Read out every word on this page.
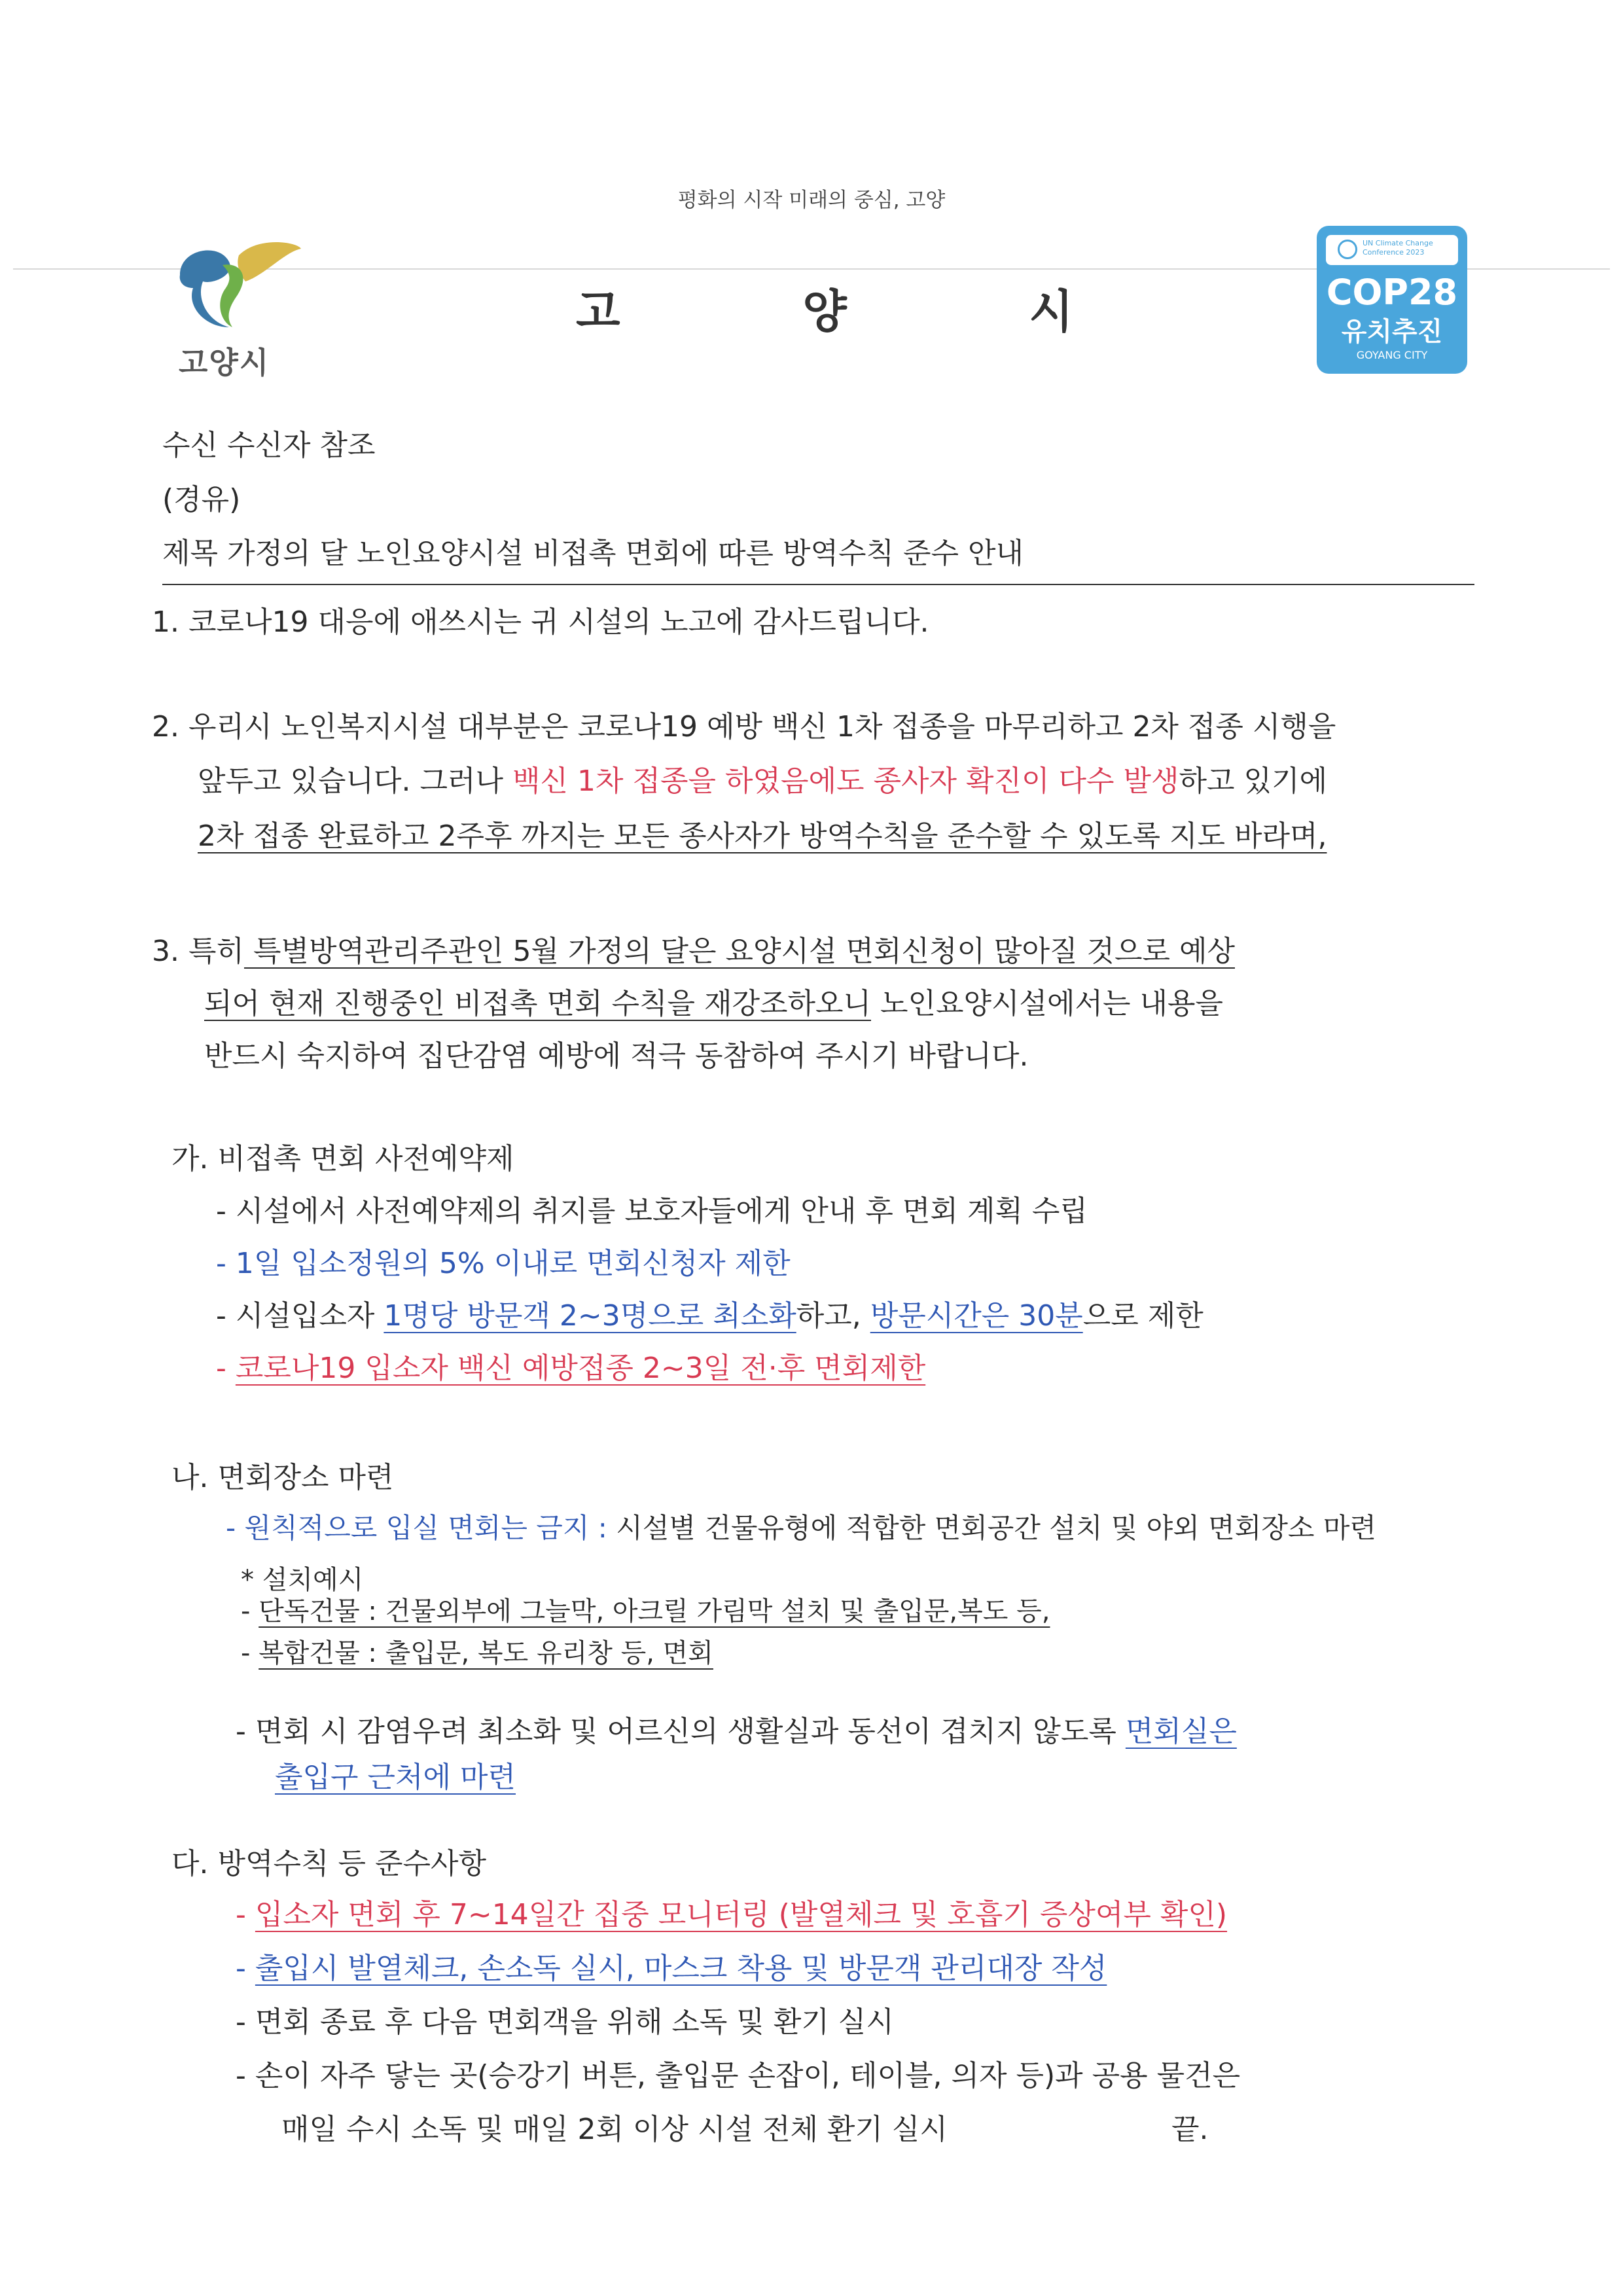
평화의 시작 미래의 중심, 고양
고양시
고	양	시
UN Climate Change
Conference 2023
COP28
유치추진
GOYANG CITY
수신 수신자 참조
(경유)
제목 가정의 달 노인요양시설 비접촉 면회에 따른 방역수칙 준수 안내
1. 코로나19 대응에 애쓰시는 귀 시설의 노고에 감사드립니다.
2. 우리시 노인복지시설 대부분은 코로나19 예방 백신 1차 접종을 마무리하고 2차 접종 시행을
앞두고 있습니다. 그러나 백신 1차 접종을 하였음에도 종사자 확진이 다수 발생하고 있기에
2차 접종 완료하고 2주후 까지는 모든 종사자가 방역수칙을 준수할 수 있도록 지도 바라며,
3. 특히 특별방역관리주관인 5월 가정의 달은 요양시설 면회신청이 많아질 것으로 예상
되어 현재 진행중인 비접촉 면회 수칙을 재강조하오니 노인요양시설에서는 내용을
반드시 숙지하여 집단감염 예방에 적극 동참하여 주시기 바랍니다.
가. 비접촉 면회 사전예약제
- 시설에서 사전예약제의 취지를 보호자들에게 안내 후 면회 계획 수립
- 1일 입소정원의 5% 이내로 면회신청자 제한
- 시설입소자 1명당 방문객 2~3명으로 최소화하고, 방문시간은 30분으로 제한
- 코로나19 입소자 백신 예방접종 2~3일 전·후 면회제한
나. 면회장소 마련
- 원칙적으로 입실 면회는 금지 : 시설별 건물유형에 적합한 면회공간 설치 및 야외 면회장소 마련
* 설치예시
- 단독건물 : 건물외부에 그늘막, 아크릴 가림막 설치 및 출입문,복도 등,
- 복합건물 : 출입문, 복도 유리창 등, 면회
- 면회 시 감염우려 최소화 및 어르신의 생활실과 동선이 겹치지 않도록 면회실은
출입구 근처에 마련
다. 방역수칙 등 준수사항
- 입소자 면회 후 7~14일간 집중 모니터링 (발열체크 및 호흡기 증상여부 확인)
- 출입시 발열체크, 손소독 실시, 마스크 착용 및 방문객 관리대장 작성
- 면회 종료 후 다음 면회객을 위해 소독 및 환기 실시
- 손이 자주 닿는 곳(승강기 버튼, 출입문 손잡이, 테이블, 의자 등)과 공용 물건은
매일 수시 소독 및 매일 2회 이상 시설 전체 환기 실시	끝.
